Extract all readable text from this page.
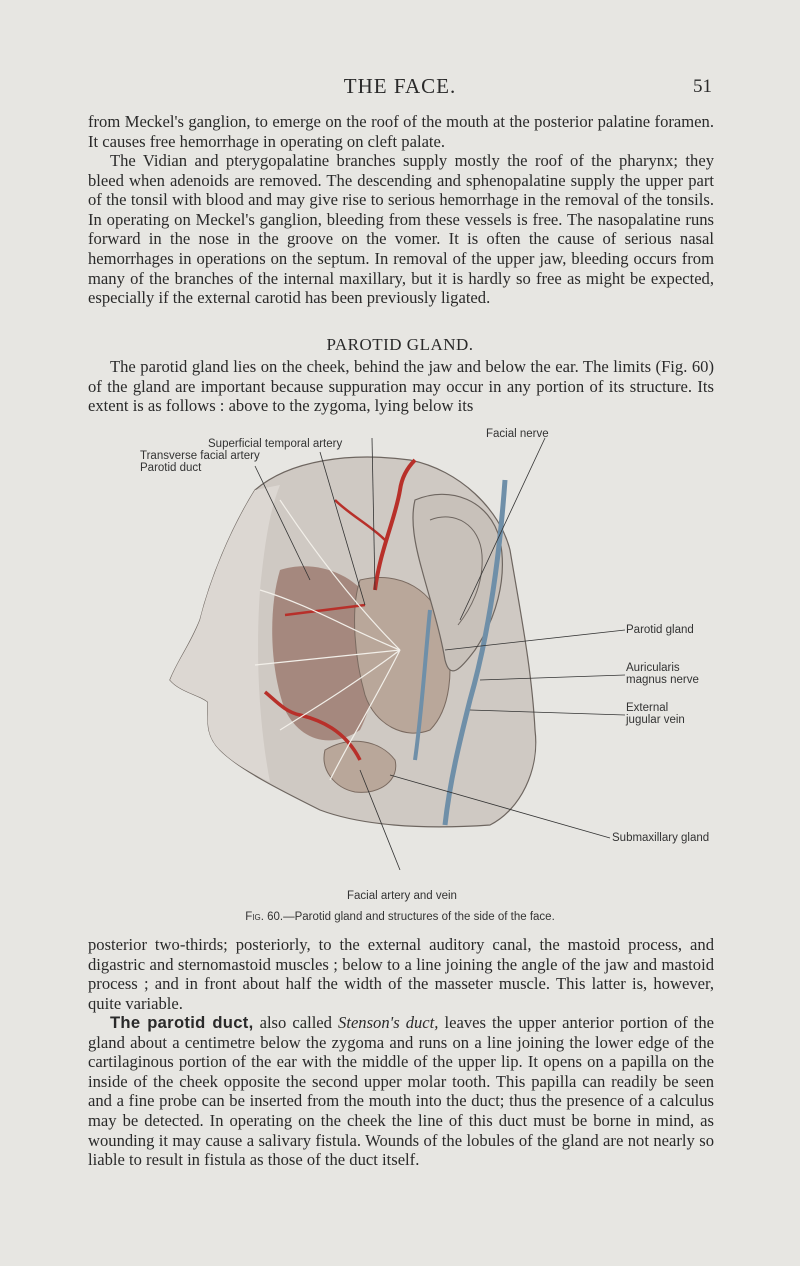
THE FACE.	51

from Meckel's ganglion, to emerge on the roof of the mouth at the posterior palatine foramen. It causes free hemorrhage in operating on cleft palate.

The Vidian and pterygopalatine branches supply mostly the roof of the pharynx; they bleed when adenoids are removed. The descending and sphenopalatine supply the upper part of the tonsil with blood and may give rise to serious hemorrhage in the removal of the tonsils. In operating on Meckel's ganglion, bleeding from these vessels is free. The nasopalatine runs forward in the nose in the groove on the vomer. It is often the cause of serious nasal hemorrhages in operations on the septum. In removal of the upper jaw, bleeding occurs from many of the branches of the internal maxillary, but it is hardly so free as might be expected, especially if the external carotid has been previously ligated.

PAROTID GLAND.

The parotid gland lies on the cheek, behind the jaw and below the ear. The limits (Fig. 60) of the gland are important because suppuration may occur in any portion of its structure. Its extent is as follows : above to the zygoma, lying below its

Superficial temporal artery
Transverse facial artery
Parotid duct
Facial nerve
Parotid gland
Auricularis
magnus nerve
External
jugular vein
Submaxillary gland
Facial artery and vein
Fig. 60.—Parotid gland and structures of the side of the face.

posterior two-thirds; posteriorly, to the external auditory canal, the mastoid process, and digastric and sternomastoid muscles ; below to a line joining the angle of the jaw and mastoid process ; and in front about half the width of the masseter muscle. This latter is, however, quite variable.

The parotid duct, also called Stenson's duct, leaves the upper anterior portion of the gland about a centimetre below the zygoma and runs on a line joining the lower edge of the cartilaginous portion of the ear with the middle of the upper lip. It opens on a papilla on the inside of the cheek opposite the second upper molar tooth. This papilla can readily be seen and a fine probe can be inserted from the mouth into the duct; thus the presence of a calculus may be detected. In operating on the cheek the line of this duct must be borne in mind, as wounding it may cause a salivary fistula. Wounds of the lobules of the gland are not nearly so liable to result in fistula as those of the duct itself.
